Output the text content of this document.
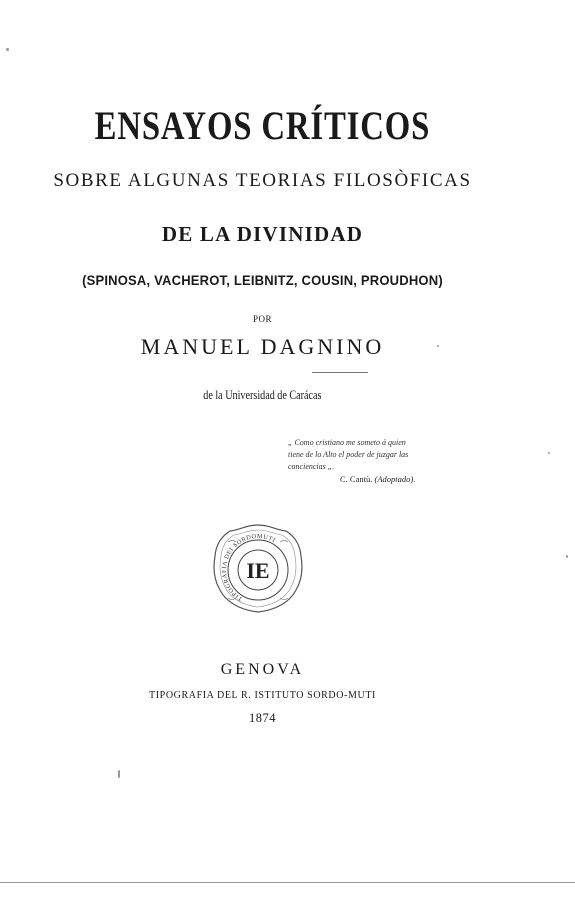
ENSAYOS CRÍTICOS
SOBRE ALGUNAS TEORIAS FILOSÒFICAS
DE LA DIVINIDAD
(SPINOSA, VACHEROT, LEIBNITZ, COUSIN, PROUDHON)
POR
MANUEL DAGNINO
de la Universidad de Carácas
„ Como cristiano me someto á quien
tiene de lo Alto el poder de juzgar las
conciencias „.
C. Cantù. (Adoptado).
TIPOGRAFIA DEI SORDOMUTI
IE
GENOVA
TIPOGRAFIA DEL R. ISTITUTO SORDO-MUTI
1874
